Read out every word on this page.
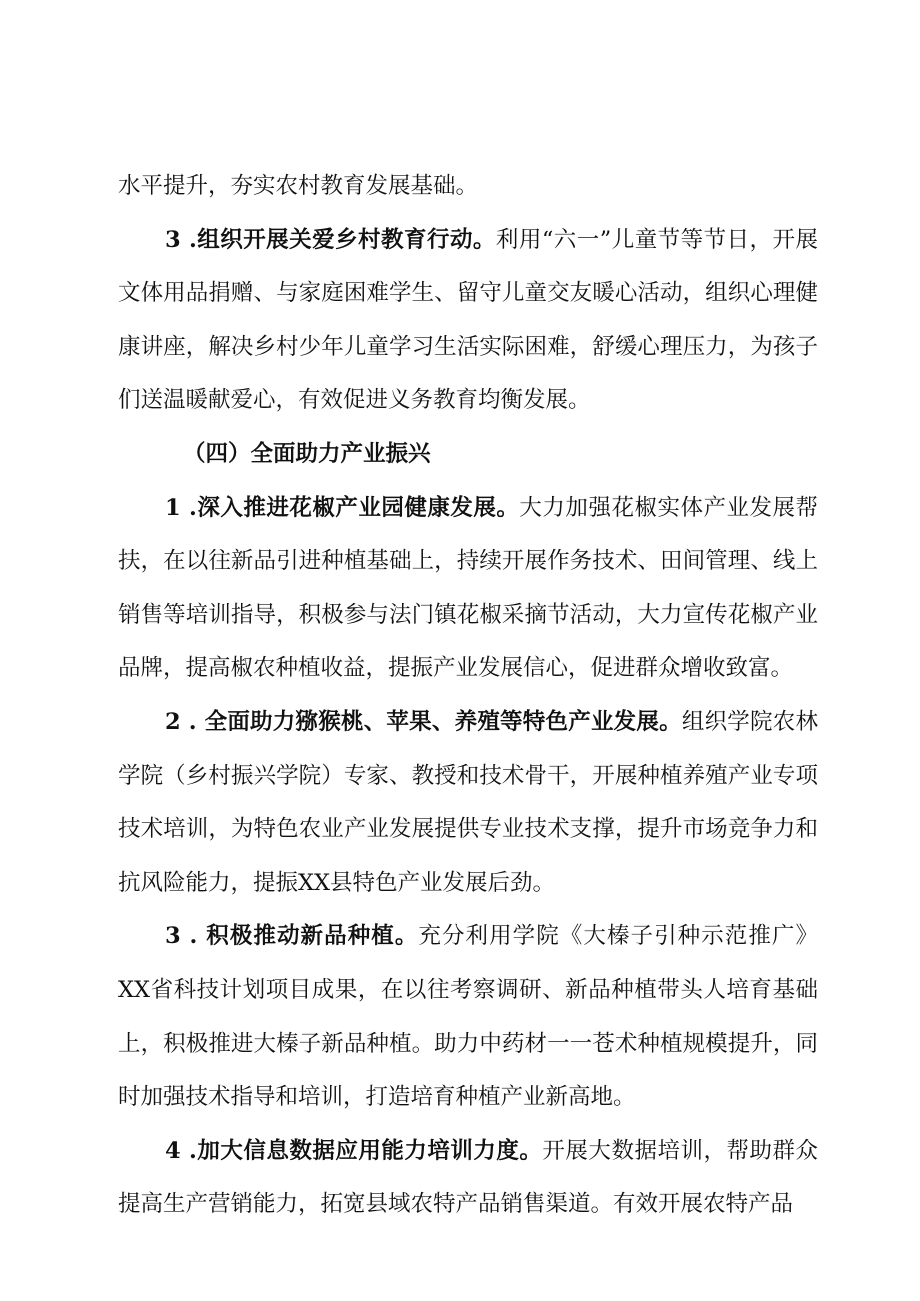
水平提升，夯实农村教育发展基础。

3 .组织开展关爱乡村教育行动。利用“六一”儿童节等节日，开展文体用品捐赠、与家庭困难学生、留守儿童交友暖心活动，组织心理健康讲座，解决乡村少年儿童学习生活实际困难，舒缓心理压力，为孩子们送温暖献爱心，有效促进义务教育均衡发展。

（四）全面助力产业振兴

1 .深入推进花椒产业园健康发展。大力加强花椒实体产业发展帮扶，在以往新品引进种植基础上，持续开展作务技术、田间管理、线上销售等培训指导，积极参与法门镇花椒采摘节活动，大力宣传花椒产业品牌，提高椒农种植收益，提振产业发展信心，促进群众增收致富。

2 . 全面助力猕猴桃、苹果、养殖等特色产业发展。组织学院农林学院（乡村振兴学院）专家、教授和技术骨干，开展种植养殖产业专项技术培训，为特色农业产业发展提供专业技术支撑，提升市场竞争力和抗风险能力，提振XX县特色产业发展后劲。

3 . 积极推动新品种植。充分利用学院《大榛子引种示范推广》XX省科技计划项目成果，在以往考察调研、新品种植带头人培育基础上，积极推进大榛子新品种植。助力中药材一一苍术种植规模提升，同时加强技术指导和培训，打造培育种植产业新高地。

4 .加大信息数据应用能力培训力度。开展大数据培训，帮助群众提高生产营销能力，拓宽县域农特产品销售渠道。有效开展农特产品
